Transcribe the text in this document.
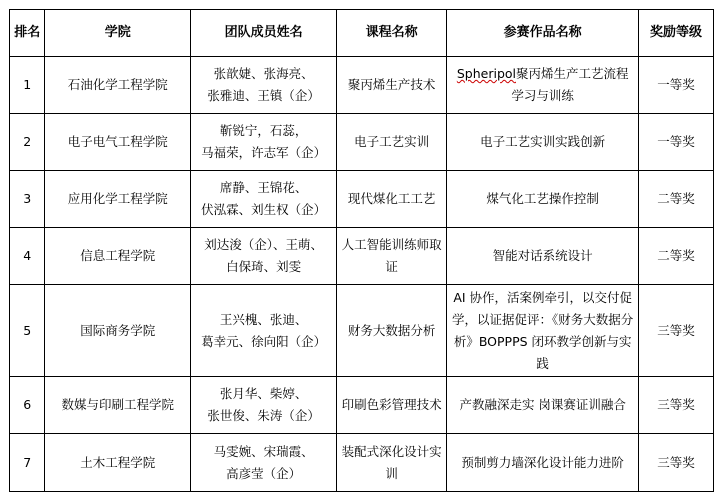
排名	学院	团队成员姓名	课程名称	参赛作品名称	奖励等级
1	石油化学工程学院	张歆婕、张海亮、
张雅迪、王镇（企）	聚丙烯生产技术	Spheripol聚丙烯生产工艺流程学习与训练	一等奖
2	电子电气工程学院	靳锐宁，石蕊，
马福荣，许志军（企）	电子工艺实训	电子工艺实训实践创新	一等奖
3	应用化学工程学院	席静、王锦花、
伏泓霖、刘生权（企）	现代煤化工工艺	煤气化工艺操作控制	二等奖
4	信息工程学院	刘达浚（企）、王萌、
白保琦、刘雯	人工智能训练师取证	智能对话系统设计	二等奖
5	国际商务学院	王兴槐、张迪、
葛幸元、徐向阳（企）	财务大数据分析	AI 协作，活案例牵引，以交付促学，以证据促评：《财务大数据分析》BOPPPS 闭环教学创新与实践	三等奖
6	数媒与印刷工程学院	张月华、柴婷、
张世俊、朱涛（企）	印刷色彩管理技术	产教融深走实 岗课赛证训融合	三等奖
7	土木工程学院	马雯婉、宋瑞霞、
高彦莹（企）	装配式深化设计实训	预制剪力墙深化设计能力进阶	三等奖
